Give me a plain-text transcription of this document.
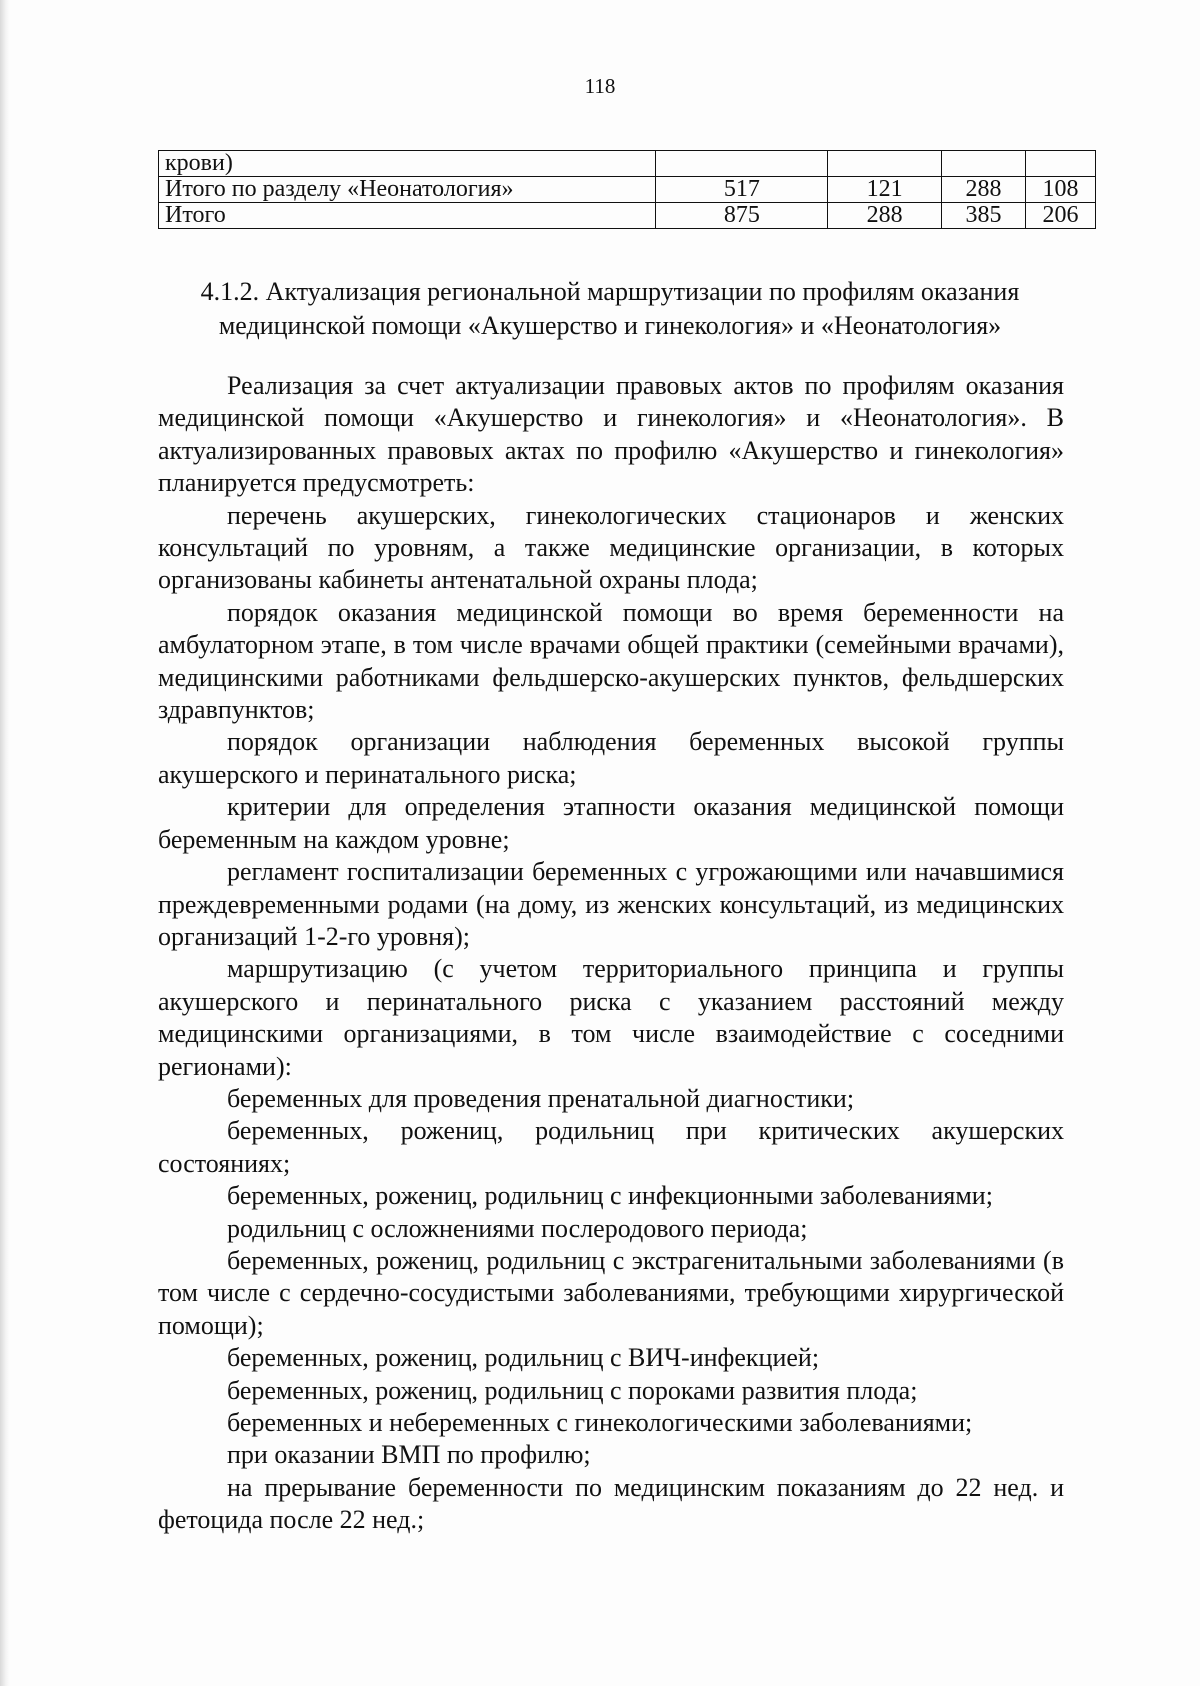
118
крови)				
Итого по разделу «Неонатология»	517	121	288	108
Итого	875	288	385	206
4.1.2. Актуализация региональной маршрутизации по профилям оказания
медицинской помощи «Акушерство и гинекология» и «Неонатология»

Реализация за счет актуализации правовых актов по профилям оказания медицинской помощи «Акушерство и гинекология» и «Неонатология». В актуализированных правовых актах по профилю «Акушерство и гинекология» планируется предусмотреть:

перечень акушерских, гинекологических стационаров и женских консультаций по уровням, а также медицинские организации, в которых организованы кабинеты антенатальной охраны плода;

порядок оказания медицинской помощи во время беременности на амбулаторном этапе, в том числе врачами общей практики (семейными врачами), медицинскими работниками фельдшерско-акушерских пунктов, фельдшерских здравпунктов;

порядок организации наблюдения беременных высокой группы акушерского и перинатального риска;

критерии для определения этапности оказания медицинской помощи беременным на каждом уровне;

регламент госпитализации беременных с угрожающими или начавшимися преждевременными родами (на дому, из женских консультаций, из медицинских организаций 1-2-го уровня);

маршрутизацию (с учетом территориального принципа и группы акушерского и перинатального риска с указанием расстояний между медицинскими организациями, в том числе взаимодействие с соседними регионами):

беременных для проведения пренатальной диагностики;

беременных, рожениц, родильниц при критических акушерских состояниях;

беременных, рожениц, родильниц с инфекционными заболеваниями;

родильниц с осложнениями послеродового периода;

беременных, рожениц, родильниц с экстрагенитальными заболеваниями (в том числе с сердечно-сосудистыми заболеваниями, требующими хирургической помощи);

беременных, рожениц, родильниц с ВИЧ-инфекцией;

беременных, рожениц, родильниц с пороками развития плода;

беременных и небеременных с гинекологическими заболеваниями;

при оказании ВМП по профилю;

на прерывание беременности по медицинским показаниям до 22 нед. и фетоцида после 22 нед.;
